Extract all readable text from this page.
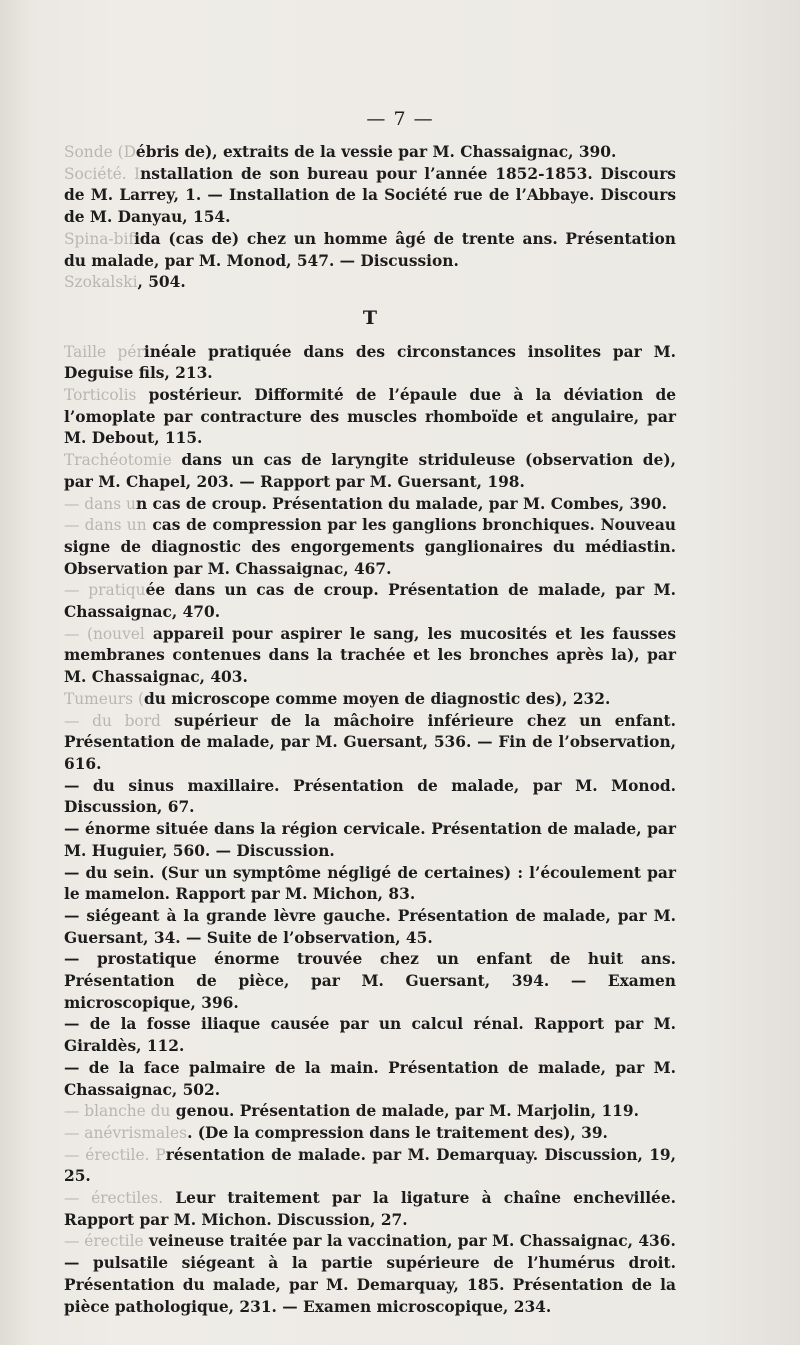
— 7 —

Sonde (Débris de), extraits de la vessie par M. Chassaignac, 390.

Société. Installation de son bureau pour l’année 1852-1853. Discours de M. Larrey, 1. — Installation de la Société rue de l’Abbaye. Discours de M. Danyau, 154.

Spina-bifida (cas de) chez un homme âgé de trente ans. Présentation du malade, par M. Monod, 547. — Discussion.

Szokalski, 504.

T

Taille périnéale pratiquée dans des circonstances insolites par M. Deguise fils, 213.

Torticolis postérieur. Difformité de l’épaule due à la déviation de l’omoplate par contracture des muscles rhomboïde et angulaire, par M. Debout, 115.

Trachéotomie dans un cas de laryngite striduleuse (observation de), par M. Chapel, 203. — Rapport par M. Guersant, 198.

— dans un cas de croup. Présentation du malade, par M. Combes, 390.

— dans un cas de compression par les ganglions bronchiques. Nouveau signe de diagnostic des engorgements ganglionaires du médiastin. Observation par M. Chassaignac, 467.

— pratiquée dans un cas de croup. Présentation de malade, par M. Chassaignac, 470.

— (nouvel appareil pour aspirer le sang, les mucosités et les fausses membranes contenues dans la trachée et les bronches après la), par M. Chassaignac, 403.

Tumeurs (du microscope comme moyen de diagnostic des), 232.

— du bord supérieur de la mâchoire inférieure chez un enfant. Présentation de malade, par M. Guersant, 536. — Fin de l’observation, 616.

— du sinus maxillaire. Présentation de malade, par M. Monod. Discussion, 67.

— énorme située dans la région cervicale. Présentation de malade, par M. Huguier, 560. — Discussion.

— du sein. (Sur un symptôme négligé de certaines) : l’écoulement par le mamelon. Rapport par M. Michon, 83.

— siégeant à la grande lèvre gauche. Présentation de malade, par M. Guersant, 34. — Suite de l’observation, 45.

— prostatique énorme trouvée chez un enfant de huit ans. Présentation de pièce, par M. Guersant, 394. — Examen microscopique, 396.

— de la fosse iliaque causée par un calcul rénal. Rapport par M. Giraldès, 112.

— de la face palmaire de la main. Présentation de malade, par M. Chassaignac, 502.

— blanche du genou. Présentation de malade, par M. Marjolin, 119.

— anévrismales. (De la compression dans le traitement des), 39.

— érectile. Présentation de malade. par M. Demarquay. Discussion, 19, 25.

— érectiles. Leur traitement par la ligature à chaîne enchevillée. Rapport par M. Michon. Discussion, 27.

— érectile veineuse traitée par la vaccination, par M. Chassaignac, 436.

— pulsatile siégeant à la partie supérieure de l’humérus droit. Présentation du malade, par M. Demarquay, 185. Présentation de la pièce pathologique, 231. — Examen microscopique, 234.
